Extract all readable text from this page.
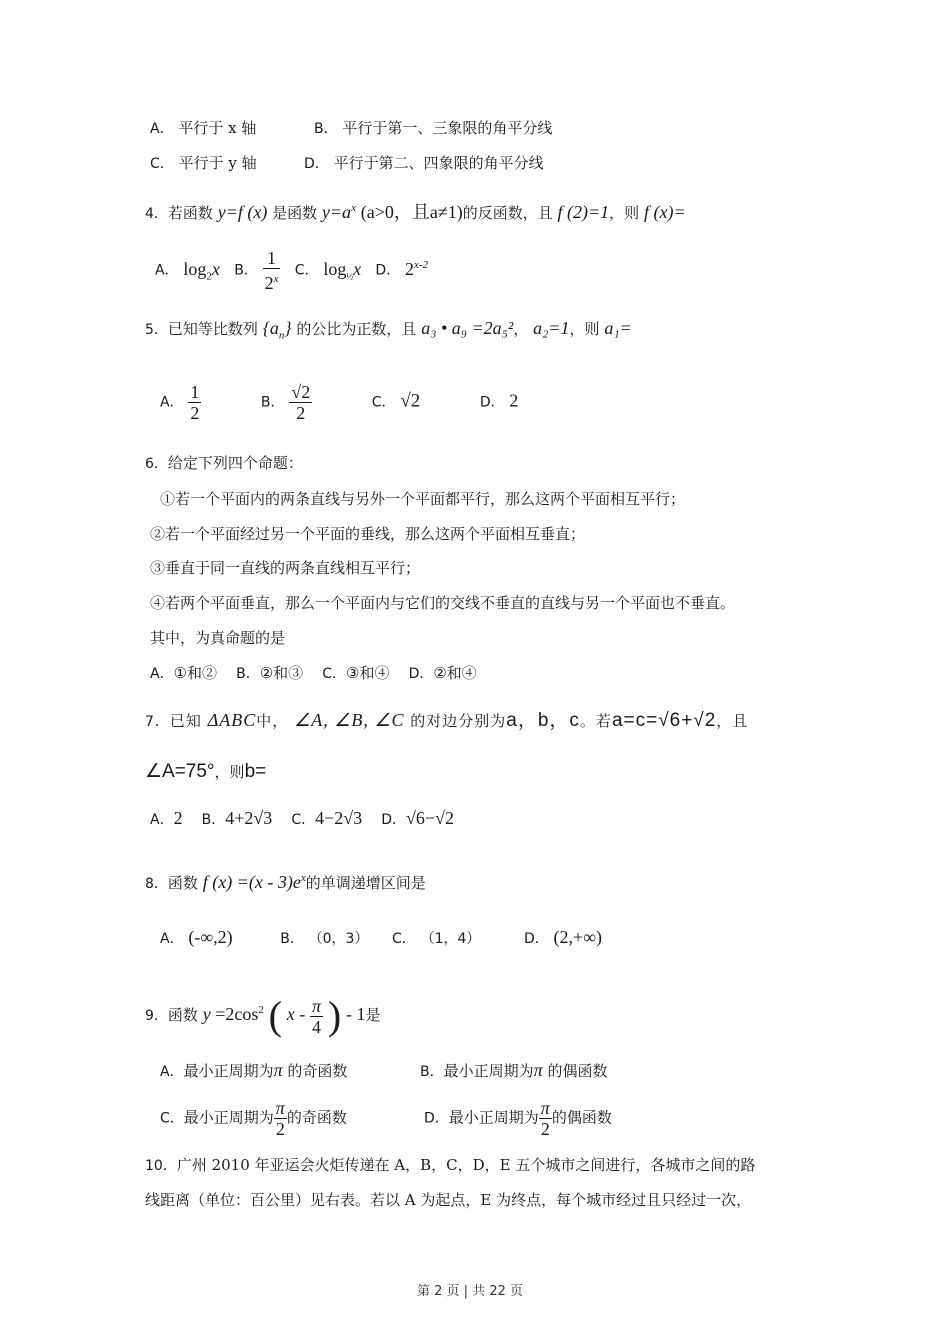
A． 平行于 x 轴	B． 平行于第一、三象限的角平分线
C． 平行于 y 轴	D． 平行于第二、四象限的角平分线
4．若函数 y=f (x) 是函数 $y=a^x$ (a>0，且a≠1)的反函数，且 f (2)=1，则 f (x)=
A． $\log_2x$ B． $\frac{1}{2^x}$ C． $\log_{\frac{1}{2}}x$ D． 2$^{x-2}$
5．已知等比数列 $\{a_n\}$ 的公比为正数，且 a₃ • a₉ =2a₅²， a₂=1，则 a₁=
A． $\frac{1}{2}$	B． $\frac{√2}{2}$	C． √2	D． 2
6．给定下列四个命题：
①若一个平面内的两条直线与另外一个平面都平行，那么这两个平面相互平行；
②若一个平面经过另一个平面的垂线，那么这两个平面相互垂直；
③垂直于同一直线的两条直线相互平行；
④若两个平面垂直，那么一个平面内与它们的交线不垂直的直线与另一个平面也不垂直。
其中，为真命题的是
A．①和② B．②和③ C．③和④ D．②和④
7．已知 ΔABC中， ∠A, ∠B, ∠C 的对边分别为a，b，c。若a=c=√6+√2，且
∠A=75°，则b=
A．2 B．4+2√3 C．4−2√3 D．√6−√2
8．函数 f $(x) =(x - 3)e^x$的单调递增区间是
A． (-∞,2)	B． （0，3） C． （1，4）	D． (2,+∞)
9．函数 $y =2\cos^2$ ( x - $\frac{\pi}{4}$ ) - 1是
A．最小正周期为π 的奇函数	B．最小正周期为π 的偶函数
C．最小正周期为 $\frac{\pi}{2}$ 的奇函数	D．最小正周期为 $\frac{\pi}{2}$ 的偶函数
10．广州 2010 年亚运会火炬传递在 A，B，C，D，E 五个城市之间进行，各城市之间的路
线距离（单位：百公里）见右表。若以 A 为起点，E 为终点，每个城市经过且只经过一次，
第 2 页 | 共 22 页
